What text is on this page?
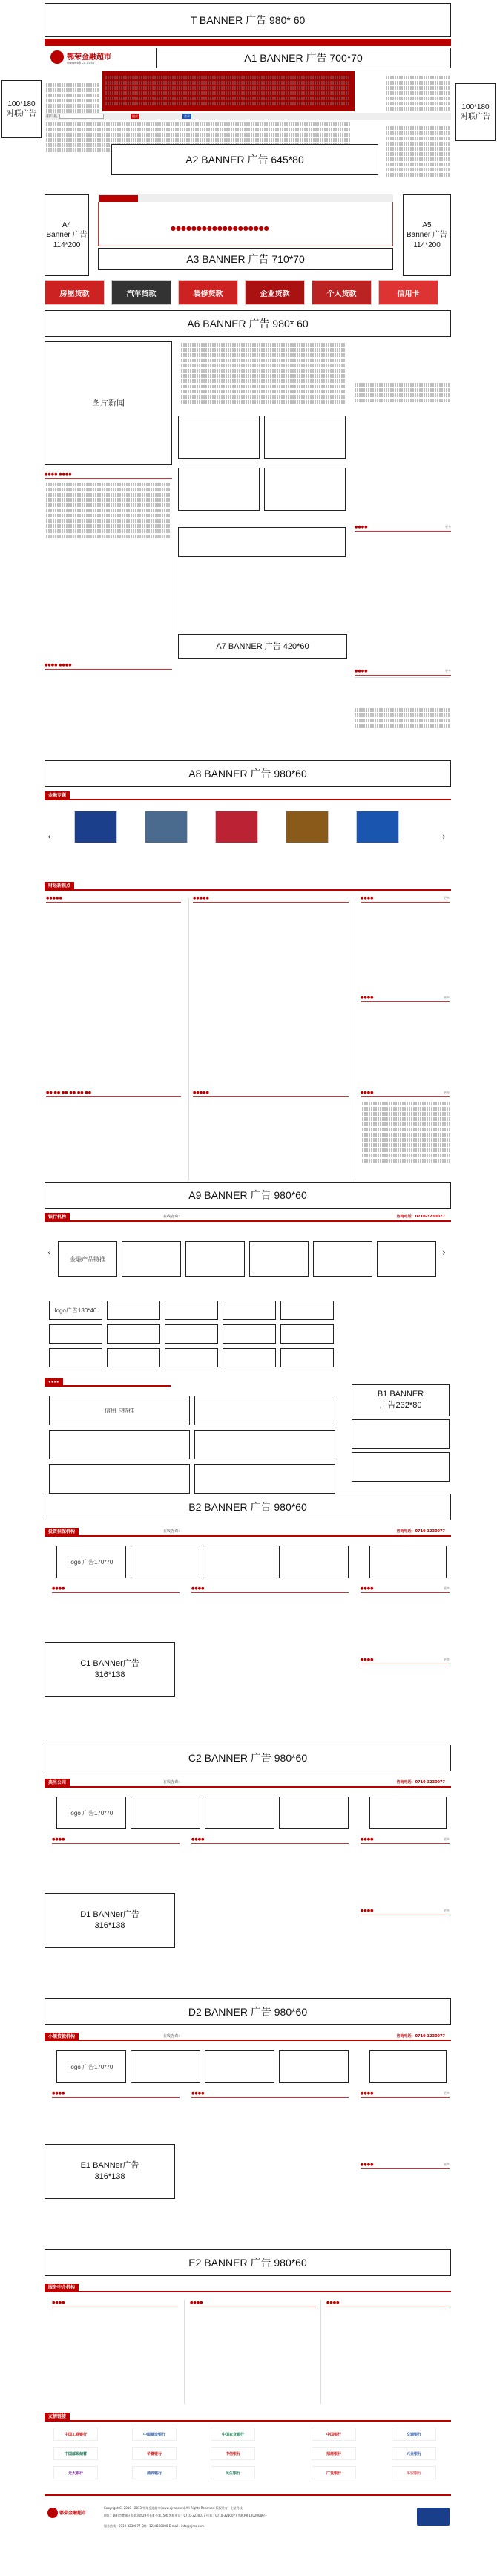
T BANNER 广告 980* 60
鄂荣金融超市
www.ejrcs.com	A1 BANNER 广告 700*70
100*180
对联广告
100*180
对联广告
用户名	搜索	登录
A2 BANNER 广告 645*80
A4
Banner 广告
114*200
A5
Banner 广告
114*200
●●●●●●●●●●●●●●●●●●●
A3 BANNER 广告 710*70
房屋贷款	汽车贷款	装修贷款	企业贷款	个人贷款	信用卡
A6 BANNER 广告 980* 60
图片新闻
●●●●	更多
●●●●	更多
●●●● ●●●●
A7 BANNER 广告 420*60
●●●● ●●●●
A8 BANNER 广告 980*60
金融专题
‹	›
财经新视点
●●●●●	●●●●●	●●●●	更多
●●●●	更多
●● ●● ●● ●● ●● ●●	●●●●●	●●●●	更多
A9 BANNER 广告 980*60
银行机构	在线咨询：	咨询电话：0710-3230077
‹	›
金融产品特推
logo广告130*46
●●●●
信用卡特推
B1 BANNER
广告232*80
B2 BANNER 广告 980*60
投资担保机构	在线咨询：	咨询电话：0710-3230077
logo 广告170*70
●●●●	●●●●	●●●●	更多
●●●●	更多
C1 BANNer广告
316*138
C2 BANNER 广告 980*60
典当公司	在线咨询：	咨询电话：0710-3230077
logo 广告170*70
●●●●	●●●●	●●●●	更多
●●●●	更多
D1 BANNer广告
316*138
D2 BANNER 广告 980*60
小额贷款机构	在线咨询：	咨询电话：0710-3230077
logo 广告170*70
●●●●	●●●●	●●●●	更多
●●●●	更多
E1 BANNer广告
316*138
E2 BANNER 广告 980*60
服务中介机构
●●●●	●●●●	●●●●
友情链接
中国工商银行	中国建设银行	中国农业银行	中国银行	交通银行
中国邮政储蓄	华夏银行	中信银行	招商银行	兴业银行
光大银行	浦发银行	民生银行	广发银行	平安银行
鄂荣金融超市
Copyright(C) 2010 - 2013 鄂荣金融超市(www.ejrcs.com) All Rights Reserved 版权所有：七星科技
地址：襄阳市樊城区长虹北路29号长虹公寓15楼 客服电话：0710-3230077 传真：0710-3230077 鄂ICP备10020086号
服务热线：0710-3230077 QQ：1234560000 E-mail：info@ejrcs.com
